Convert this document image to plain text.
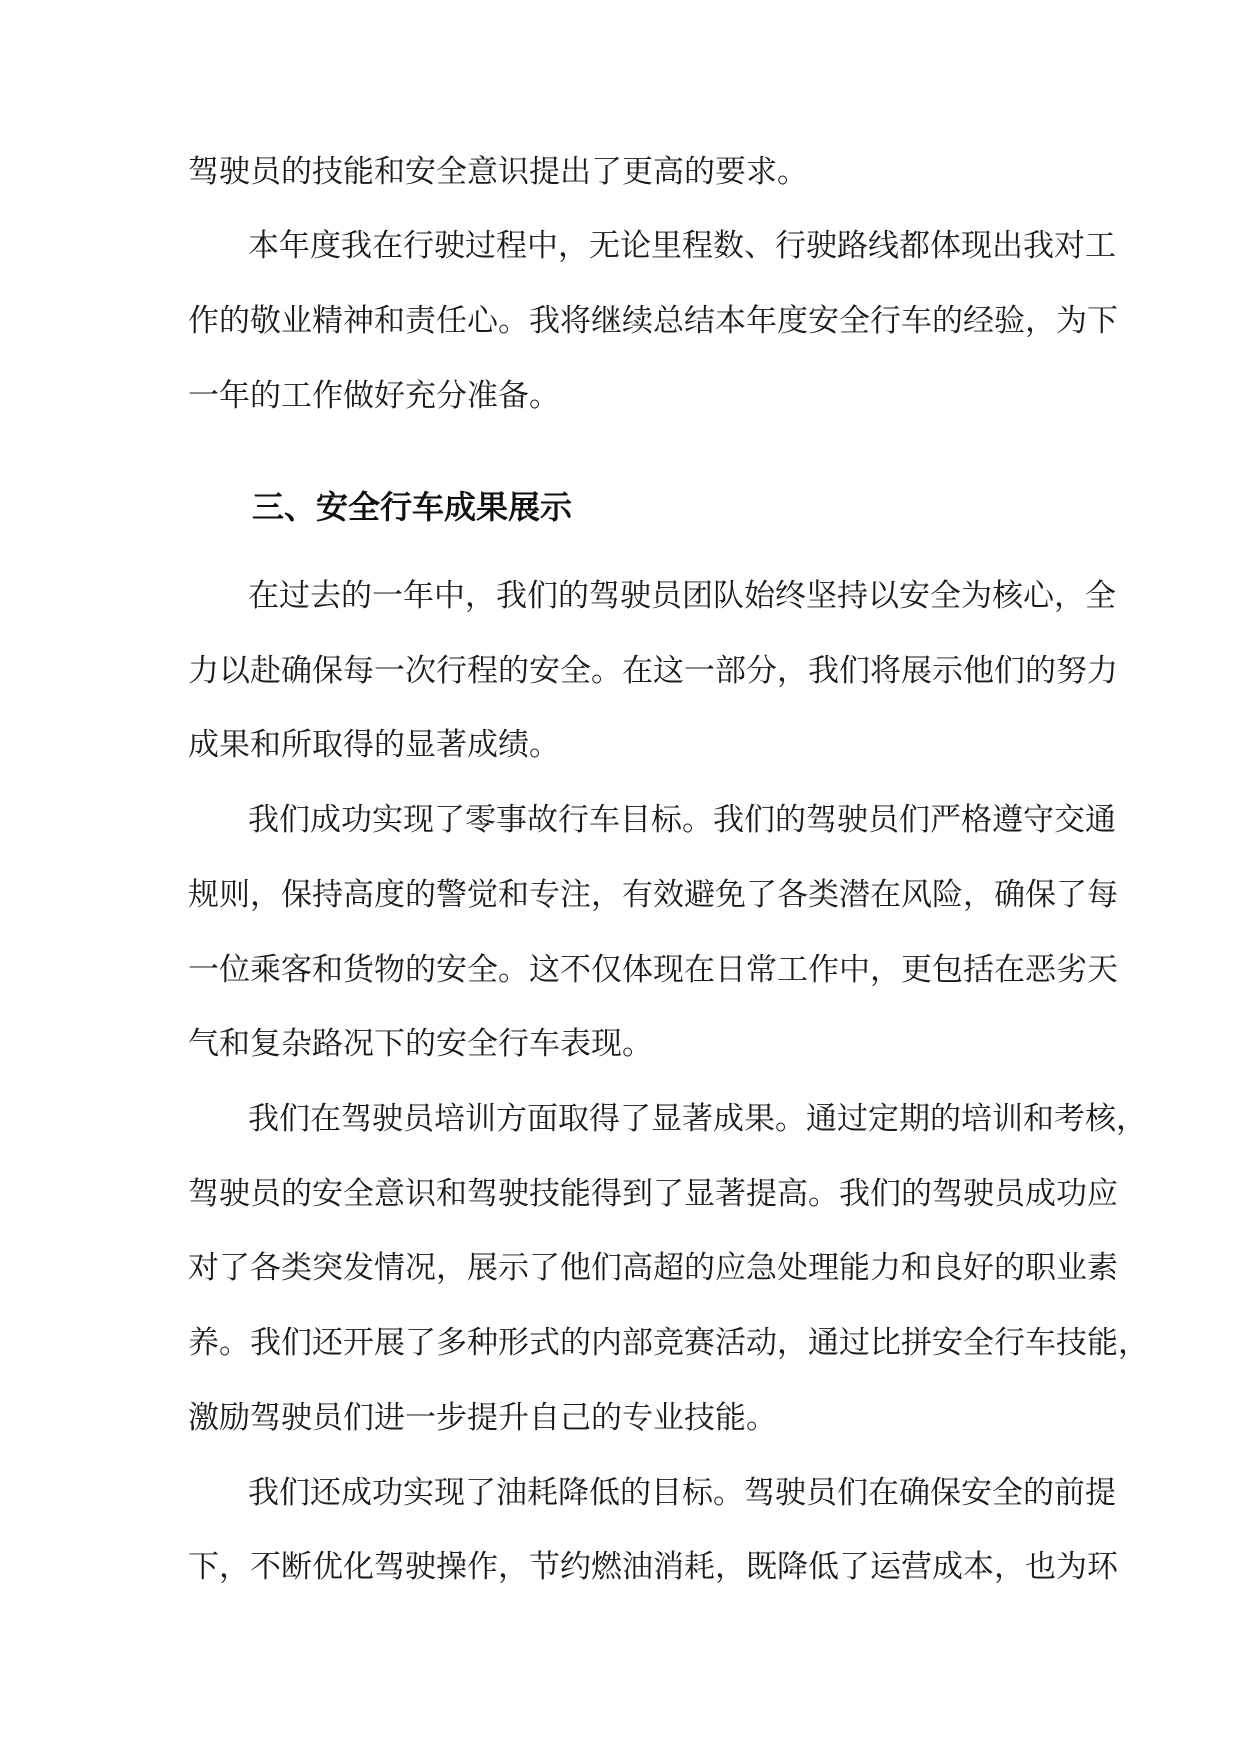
驾驶员的技能和安全意识提出了更高的要求。
本年度我在行驶过程中，无论里程数、行驶路线都体现出我对工
作的敬业精神和责任心。我将继续总结本年度安全行车的经验，为下
一年的工作做好充分准备。
三、安全行车成果展示
在过去的一年中，我们的驾驶员团队始终坚持以安全为核心，全
力以赴确保每一次行程的安全。在这一部分，我们将展示他们的努力
成果和所取得的显著成绩。
我们成功实现了零事故行车目标。我们的驾驶员们严格遵守交通
规则，保持高度的警觉和专注，有效避免了各类潜在风险，确保了每
一位乘客和货物的安全。这不仅体现在日常工作中，更包括在恶劣天
气和复杂路况下的安全行车表现。
我们在驾驶员培训方面取得了显著成果。通过定期的培训和考核，
驾驶员的安全意识和驾驶技能得到了显著提高。我们的驾驶员成功应
对了各类突发情况，展示了他们高超的应急处理能力和良好的职业素
养。我们还开展了多种形式的内部竞赛活动，通过比拼安全行车技能，
激励驾驶员们进一步提升自己的专业技能。
我们还成功实现了油耗降低的目标。驾驶员们在确保安全的前提
下，不断优化驾驶操作，节约燃油消耗，既降低了运营成本，也为环
